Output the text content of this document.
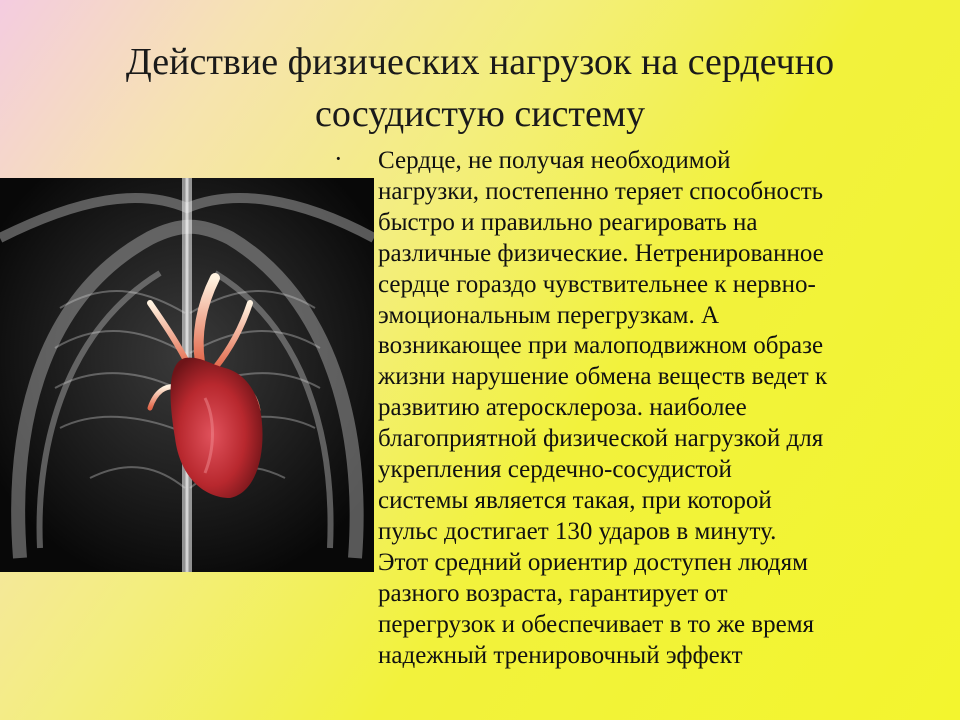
Действие физических нагрузок на сердечно
сосудистую систему
· Сердце, не получая необходимой
нагрузки, постепенно теряет способность
быстро и правильно реагировать на
различные физические. Нетренированное
сердце гораздо чувствительнее к нервно-
эмоциональным перегрузкам. А
возникающее при малоподвижном образе
жизни нарушение обмена веществ ведет к
развитию атеросклероза. наиболее
благоприятной физической нагрузкой для
укрепления сердечно-сосудистой
системы является такая, при которой
пульс достигает 130 ударов в минуту.
Этот средний ориентир доступен людям
разного возраста, гарантирует от
перегрузок и обеспечивает в то же время
надежный тренировочный эффект
